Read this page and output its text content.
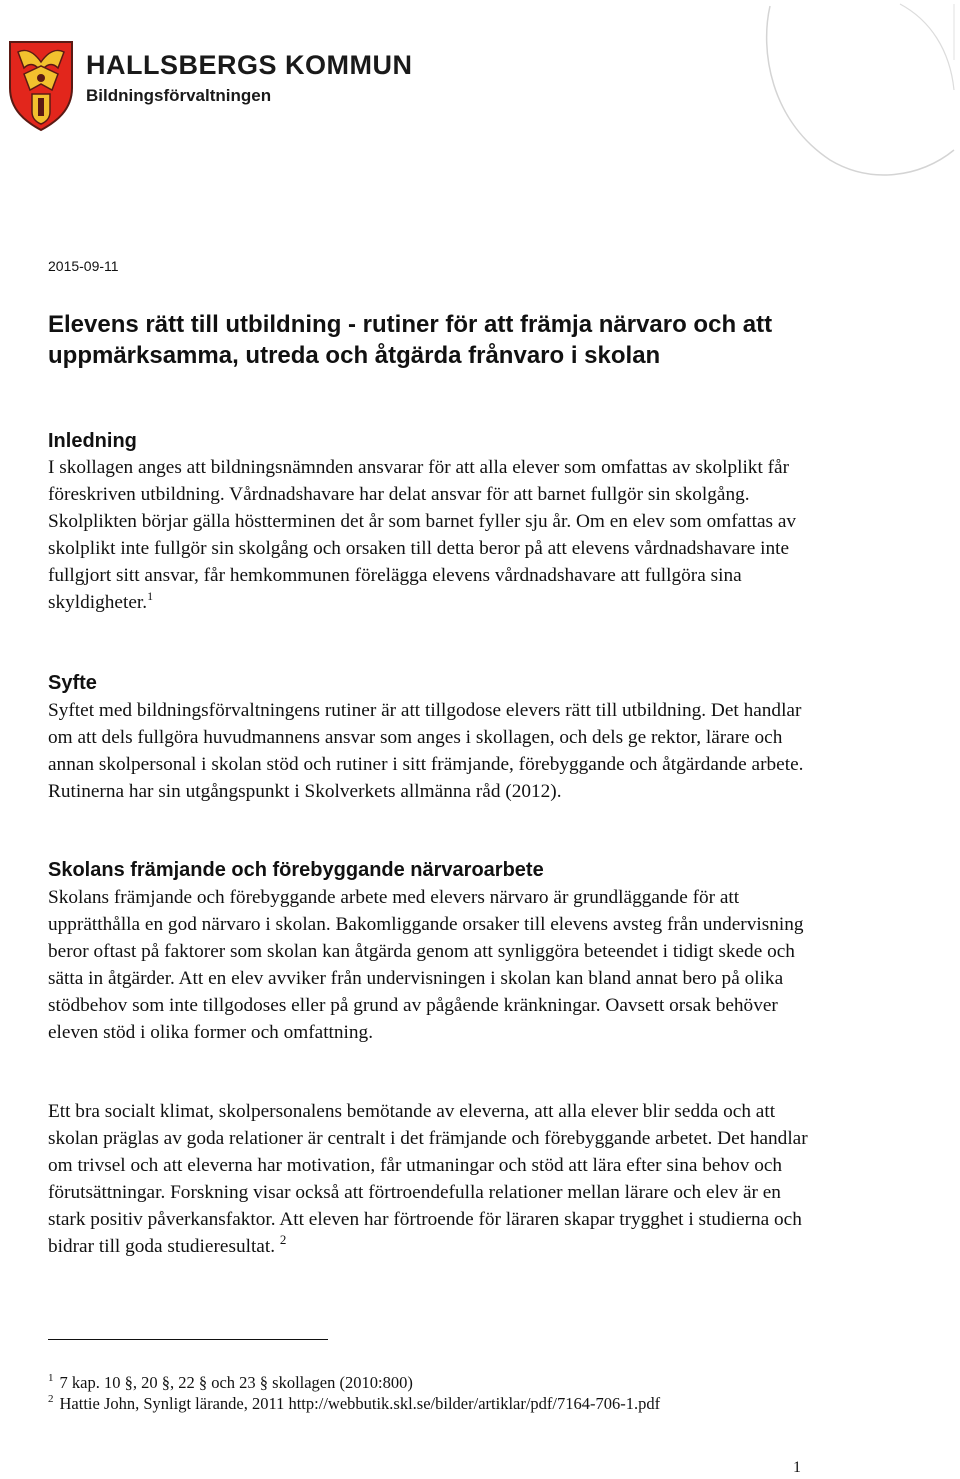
HALLSBERGS KOMMUN
Bildningsförvaltningen
2015-09-11
Elevens rätt till utbildning - rutiner för att främja närvaro och att uppmärksamma, utreda och åtgärda frånvaro i skolan
Inledning

I skollagen anges att bildningsnämnden ansvarar för att alla elever som omfattas av skolplikt får föreskriven utbildning. Vårdnadshavare har delat ansvar för att barnet fullgör sin skolgång. Skolplikten börjar gälla höstterminen det år som barnet fyller sju år. Om en elev som omfattas av skolplikt inte fullgör sin skolgång och orsaken till detta beror på att elevens vårdnadshavare inte fullgjort sitt ansvar, får hemkommunen förelägga elevens vårdnadshavare att fullgöra sina skyldigheter.$^1$

Syfte

Syftet med bildningsförvaltningens rutiner är att tillgodose elevers rätt till utbildning. Det handlar om att dels fullgöra huvudmannens ansvar som anges i skollagen, och dels ge rektor, lärare och annan skolpersonal i skolan stöd och rutiner i sitt främjande, förebyggande och åtgärdande arbete. Rutinerna har sin utgångspunkt i Skolverkets allmänna råd (2012).

Skolans främjande och förebyggande närvaroarbete

Skolans främjande och förebyggande arbete med elevers närvaro är grundläggande för att upprätthålla en god närvaro i skolan. Bakomliggande orsaker till elevens avsteg från undervisning beror oftast på faktorer som skolan kan åtgärda genom att synliggöra beteendet i tidigt skede och sätta in åtgärder. Att en elev avviker från undervisningen i skolan kan bland annat bero på olika stödbehov som inte tillgodoses eller på grund av pågående kränkningar. Oavsett orsak behöver eleven stöd i olika former och omfattning.

Ett bra socialt klimat, skolpersonalens bemötande av eleverna, att alla elever blir sedda och att skolan präglas av goda relationer är centralt i det främjande och förebyggande arbetet. Det handlar om trivsel och att eleverna har motivation, får utmaningar och stöd att lära efter sina behov och förutsättningar. Forskning visar också att förtroendefulla relationer mellan lärare och elev är en stark positiv påverkansfaktor. Att eleven har förtroende för läraren skapar trygghet i studierna och bidrar till goda studieresultat. $^2$

$^1$ 7 kap. 10 §, 20 §, 22 § och 23 § skollagen (2010:800)
$^2$ Hattie John, Synligt lärande, 2011 http://webbutik.skl.se/bilder/artiklar/pdf/7164-706-1.pdf
1
